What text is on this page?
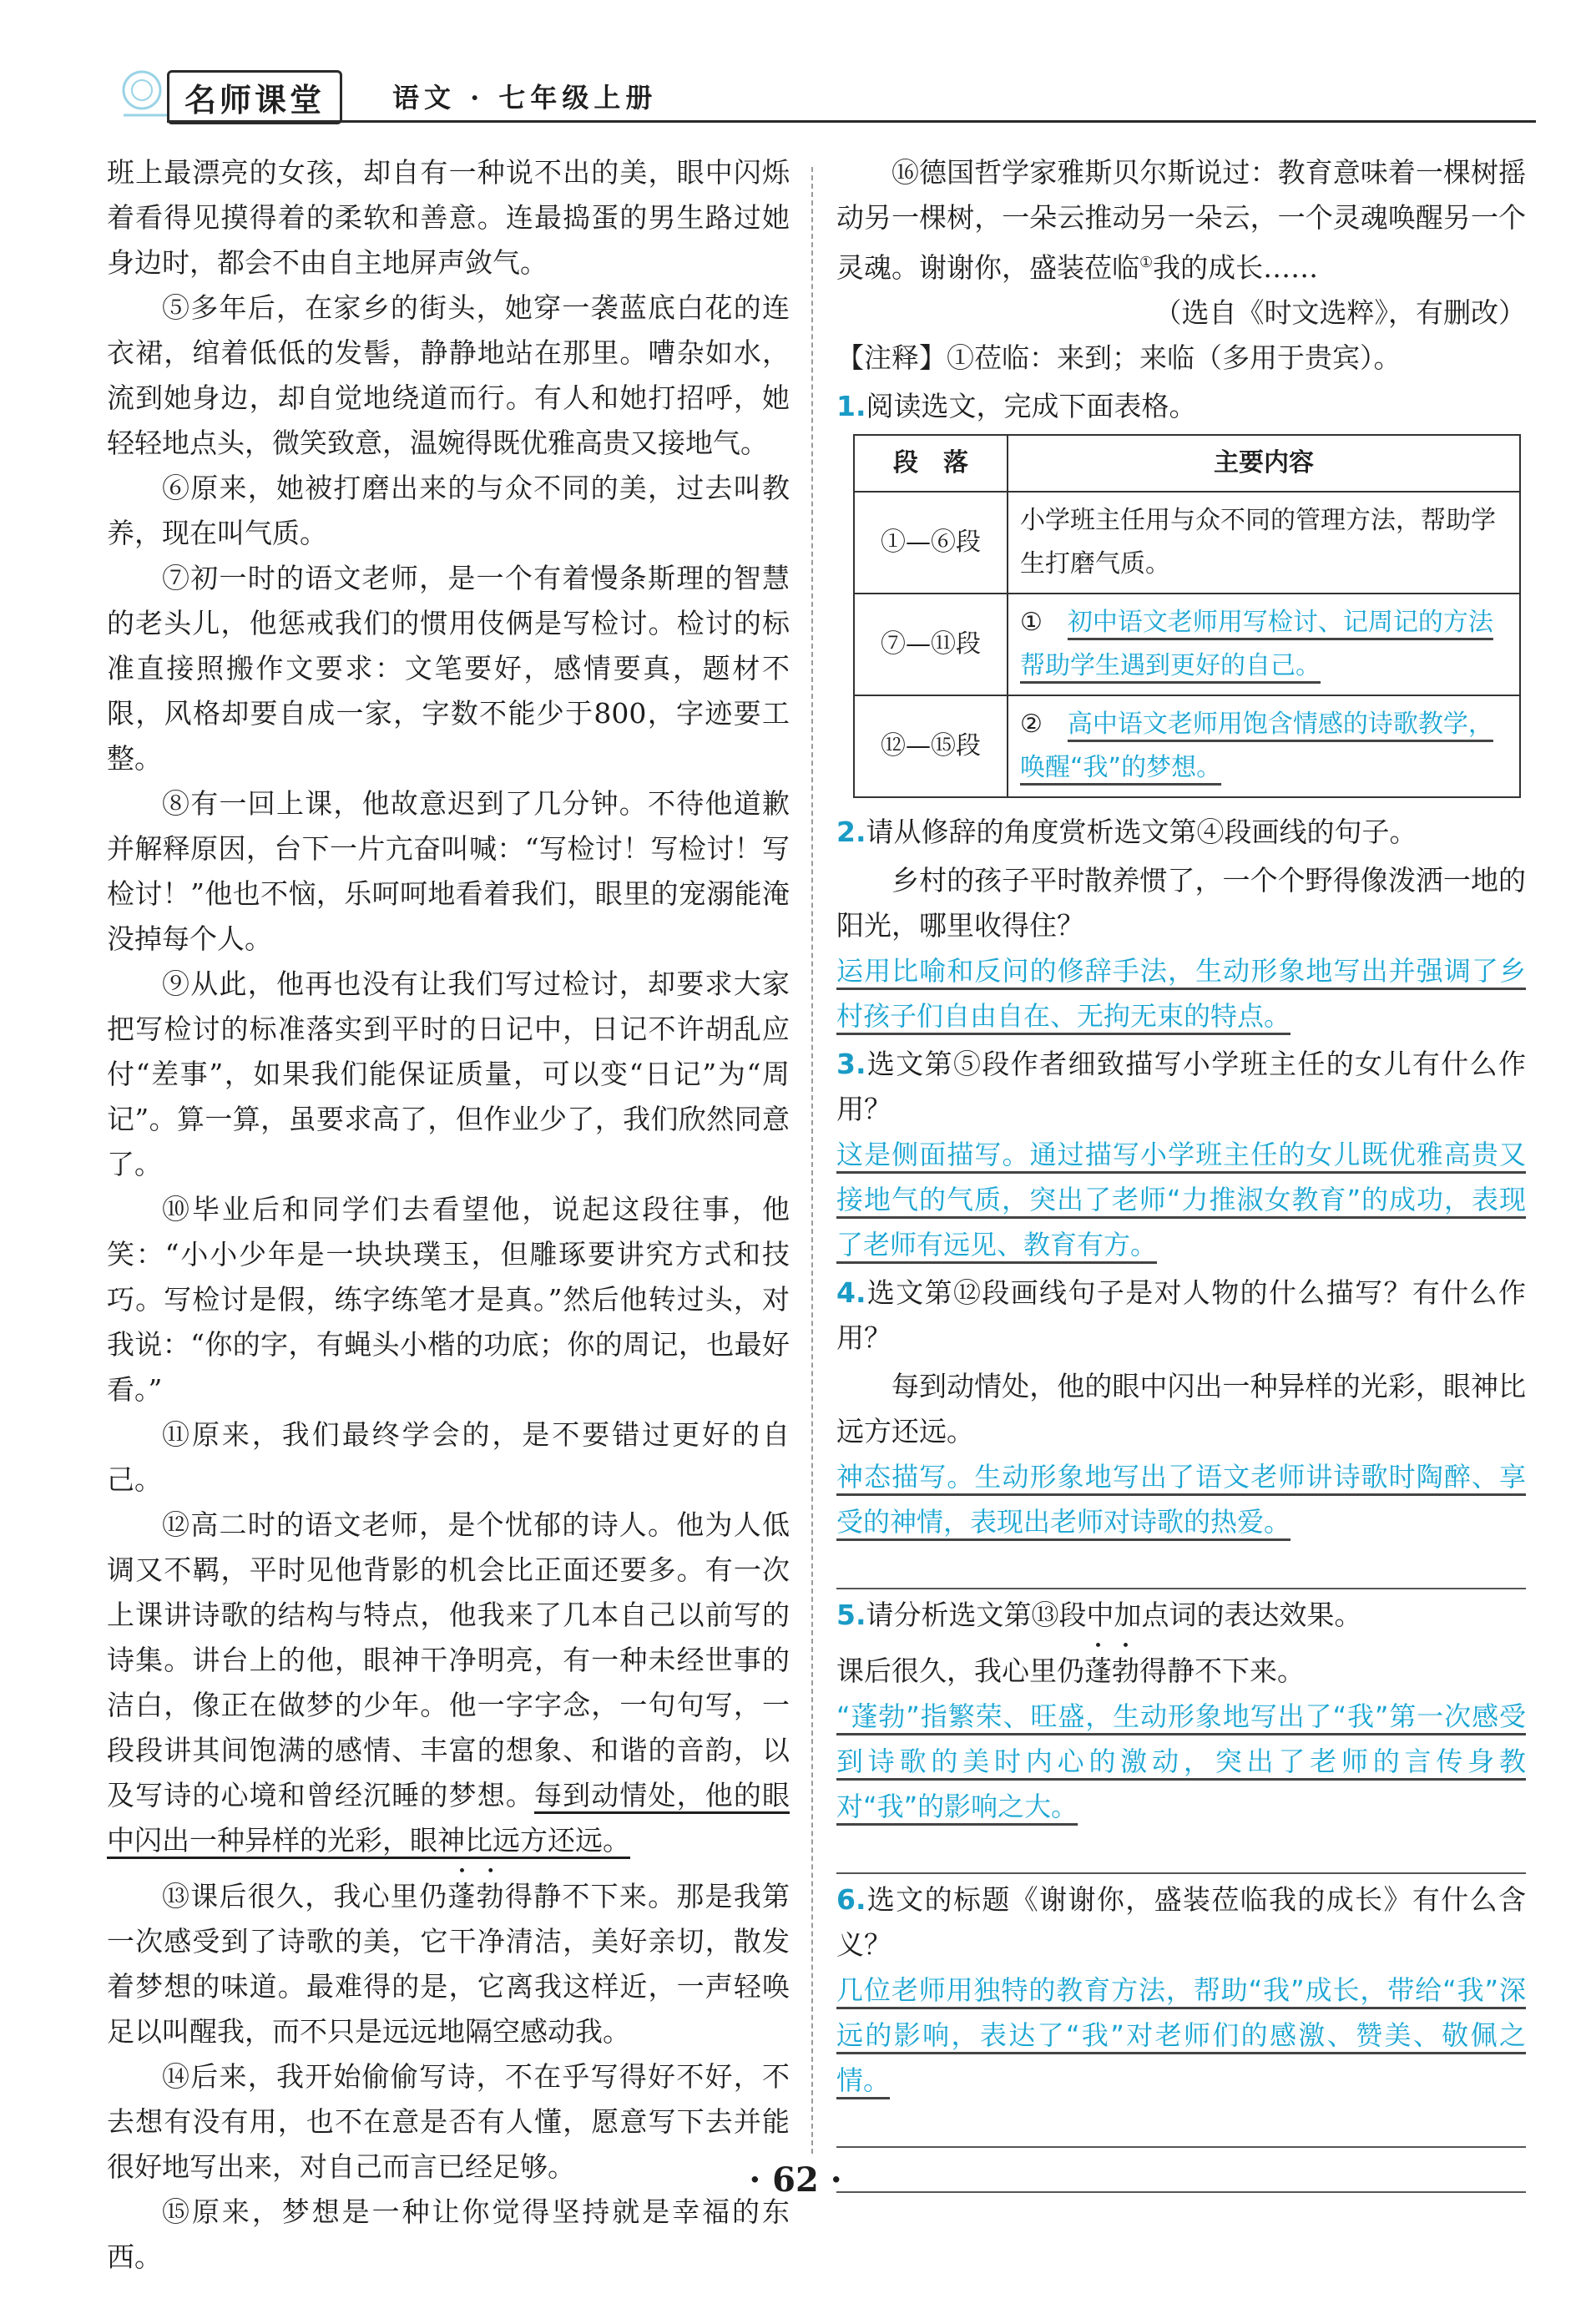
名师课堂	语文 · 七年级上册

班上最漂亮的女孩，却自有一种说不出的美，眼中闪烁着看得见摸得着的柔软和善意。连最捣蛋的男生路过她身边时，都会不由自主地屏声敛气。

⑤多年后，在家乡的街头，她穿一袭蓝底白花的连衣裙，绾着低低的发髻，静静地站在那里。嘈杂如水，流到她身边，却自觉地绕道而行。有人和她打招呼，她轻轻地点头，微笑致意，温婉得既优雅高贵又接地气。

⑥原来，她被打磨出来的与众不同的美，过去叫教养，现在叫气质。

⑦初一时的语文老师，是一个有着慢条斯理的智慧的老头儿，他惩戒我们的惯用伎俩是写检讨。检讨的标准直接照搬作文要求：文笔要好，感情要真，题材不限，风格却要自成一家，字数不能少于800，字迹要工整。

⑧有一回上课，他故意迟到了几分钟。不待他道歉并解释原因，台下一片亢奋叫喊：“写检讨！写检讨！写检讨！”他也不恼，乐呵呵地看着我们，眼里的宠溺能淹没掉每个人。

⑨从此，他再也没有让我们写过检讨，却要求大家把写检讨的标准落实到平时的日记中，日记不许胡乱应付“差事”，如果我们能保证质量，可以变“日记”为“周记”。算一算，虽要求高了，但作业少了，我们欣然同意了。

⑩毕业后和同学们去看望他，说起这段往事，他笑：“小小少年是一块块璞玉，但雕琢要讲究方式和技巧。写检讨是假，练字练笔才是真。”然后他转过头，对我说：“你的字，有蝇头小楷的功底；你的周记，也最好看。”

⑪原来，我们最终学会的，是不要错过更好的自己。

⑫高二时的语文老师，是个忧郁的诗人。他为人低调又不羁，平时见他背影的机会比正面还要多。有一次上课讲诗歌的结构与特点，他我来了几本自己以前写的诗集。讲台上的他，眼神干净明亮，有一种未经世事的洁白，像正在做梦的少年。他一字字念，一句句写，一段段讲其间饱满的感情、丰富的想象、和谐的音韵，以及写诗的心境和曾经沉睡的梦想。每到动情处，他的眼中闪出一种异样的光彩，眼神比远方还远。

⑬课后很久，我心里仍蓬勃得静不下来。那是我第一次感受到了诗歌的美，它干净清洁，美好亲切，散发着梦想的味道。最难得的是，它离我这样近，一声轻唤足以叫醒我，而不只是远远地隔空感动我。

⑭后来，我开始偷偷写诗，不在乎写得好不好，不去想有没有用，也不在意是否有人懂，愿意写下去并能很好地写出来，对自己而言已经足够。

⑮原来，梦想是一种让你觉得坚持就是幸福的东西。

⑯德国哲学家雅斯贝尔斯说过：教育意味着一棵树摇动另一棵树，一朵云推动另一朵云，一个灵魂唤醒另一个灵魂。谢谢你，盛装莅临①我的成长……

（选自《时文选粹》，有删改）

【注释】①莅临：来到；来临（多用于贵宾）。

1.阅读选文，完成下面表格。

段　落	主要内容
①—⑥段	小学班主任用与众不同的管理方法，帮助学生打磨气质。
⑦—⑪段	①　 初中语文老师用写检讨、记周记的方法帮助学生遇到更好的自己。
⑫—⑮段	②　 高中语文老师用饱含情感的诗歌教学，唤醒“我”的梦想。

2.请从修辞的角度赏析选文第④段画线的句子。

乡村的孩子平时散养惯了，一个个野得像泼洒一地的阳光，哪里收得住？

运用比喻和反问的修辞手法，生动形象地写出并强调了乡村孩子们自由自在、无拘无束的特点。

3.选文第⑤段作者细致描写小学班主任的女儿有什么作用？

这是侧面描写。通过描写小学班主任的女儿既优雅高贵又接地气的气质，突出了老师“力推淑女教育”的成功，表现了老师有远见、教育有方。

4.选文第⑫段画线句子是对人物的什么描写？有什么作用？

每到动情处，他的眼中闪出一种异样的光彩，眼神比远方还远。

神态描写。生动形象地写出了语文老师讲诗歌时陶醉、享受的神情，表现出老师对诗歌的热爱。

5.请分析选文第⑬段中加点词的表达效果。

课后很久，我心里仍蓬勃得静不下来。

“蓬勃”指繁荣、旺盛，生动形象地写出了“我”第一次感受到诗歌的美时内心的激动，突出了老师的言传身教对“我”的影响之大。

6.选文的标题《谢谢你，盛装莅临我的成长》有什么含义？

几位老师用独特的教育方法，帮助“我”成长，带给“我”深远的影响，表达了“我”对老师们的感激、赞美、敬佩之情。

· 62 ·
